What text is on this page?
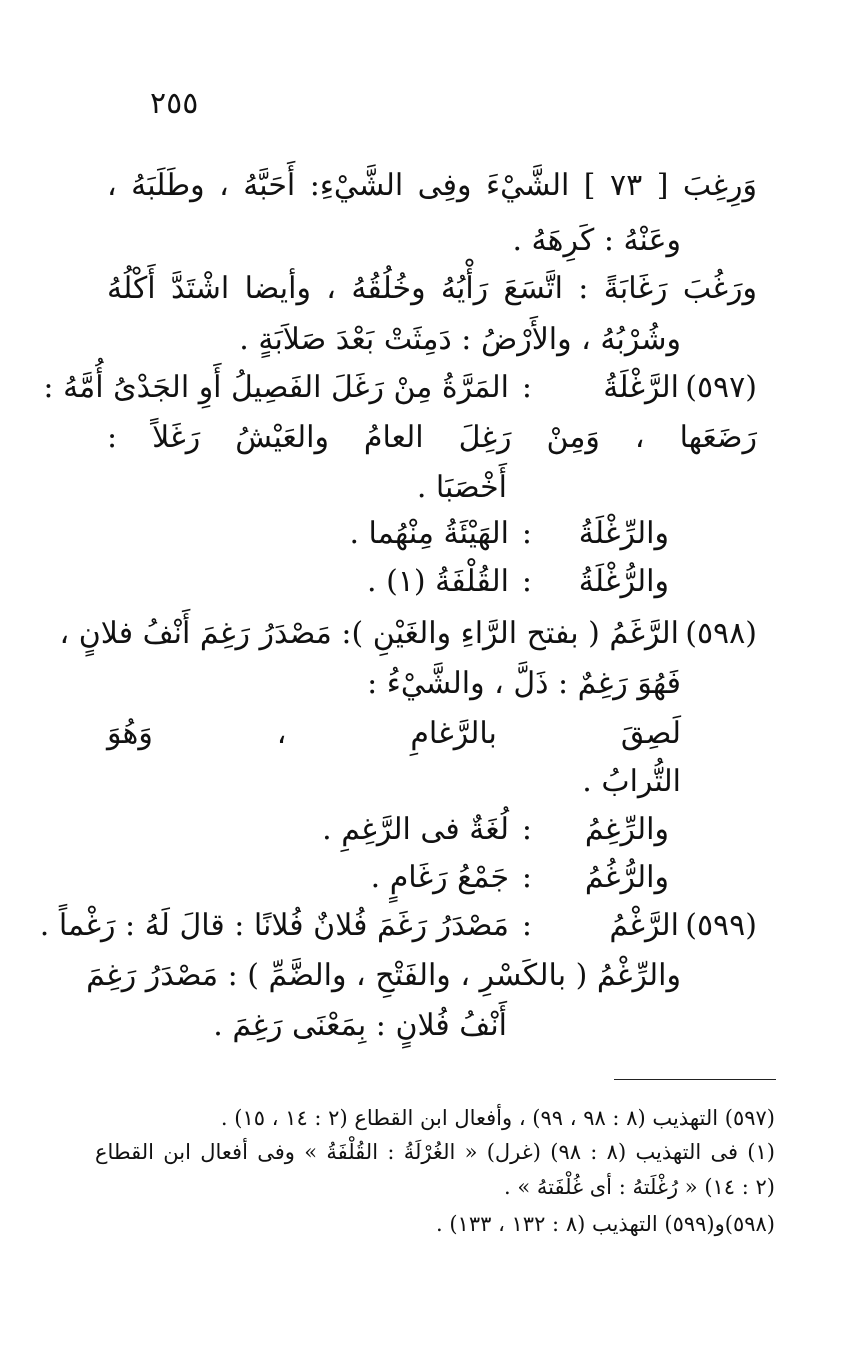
٢٥٥
وَرِغِبَ [ ٧٣ ] الشَّيْءَ وفِى الشَّيْءِ: أَحَبَّهُ ، وطَلَبَهُ ،
وعَنْهُ : كَرِهَهُ .
ورَغُبَ رَغَابَةً : اتَّسَعَ رَأْيُهُ وخُلُقُهُ ، وأيضا اشْتَدَّ أَكْلُهُ
وشُرْبُهُ ، والأَرْضُ : دَمِثَتْ بَعْدَ صَلاَبَةٍ .
(٥٩٧)
الرَّغْلَةُ
:
المَرَّةُ مِنْ رَغَلَ الفَصِيلُ أَوِ الجَدْىُ أُمَّهُ :
رَضَعَها ، وَمِنْ رَغِلَ العامُ والعَيْشُ رَغَلاً :
أَخْصَبَا .
والرِّغْلَةُ
:
الهَيْئَةُ مِنْهُما .
والرُّغْلَةُ
:
القُلْفَةُ (١) .
(٥٩٨)
الرَّغَمُ ( بفتح الرَّاءِ والغَيْنِ ): مَصْدَرُ رَغِمَ أَنْفُ فلانٍ ،
فَهُوَ رَغِمٌ : ذَلَّ ، والشَّيْءُ :
لَصِقَ بالرَّغامِ ، وَهُوَ
التُّرابُ .
والرِّغِمُ
:
لُغَةٌ فى الرَّغِمِ .
والرُّغُمُ
:
جَمْعُ رَغَامٍ .
(٥٩٩)
الرَّغْمُ
:
مَصْدَرُ رَغَمَ فُلانٌ فُلانًا : قالَ لَهُ : رَغْماً .
والرِّغْمُ ( بالكَسْرِ ، والفَتْحِ ، والضَّمِّ ) : مَصْدَرُ رَغِمَ
أَنْفُ فُلانٍ : بِمَعْنَى رَغِمَ .
(٥٩٧) التهذيب (٨ : ٩٨ ، ٩٩) ، وأفعال ابن القطاع (٢ : ١٤ ، ١٥) .
(١) فى التهذيب (٨ : ٩٨) (غرل) « الغُرْلَةُ : القُلْفَةُ » وفى أفعال ابن القطاع
(٢ : ١٤) « رُغْلَتهُ : أى غُلْفَتهُ » .
(٥٩٨)و(٥٩٩) التهذيب (٨ : ١٣٢ ، ١٣٣) .
